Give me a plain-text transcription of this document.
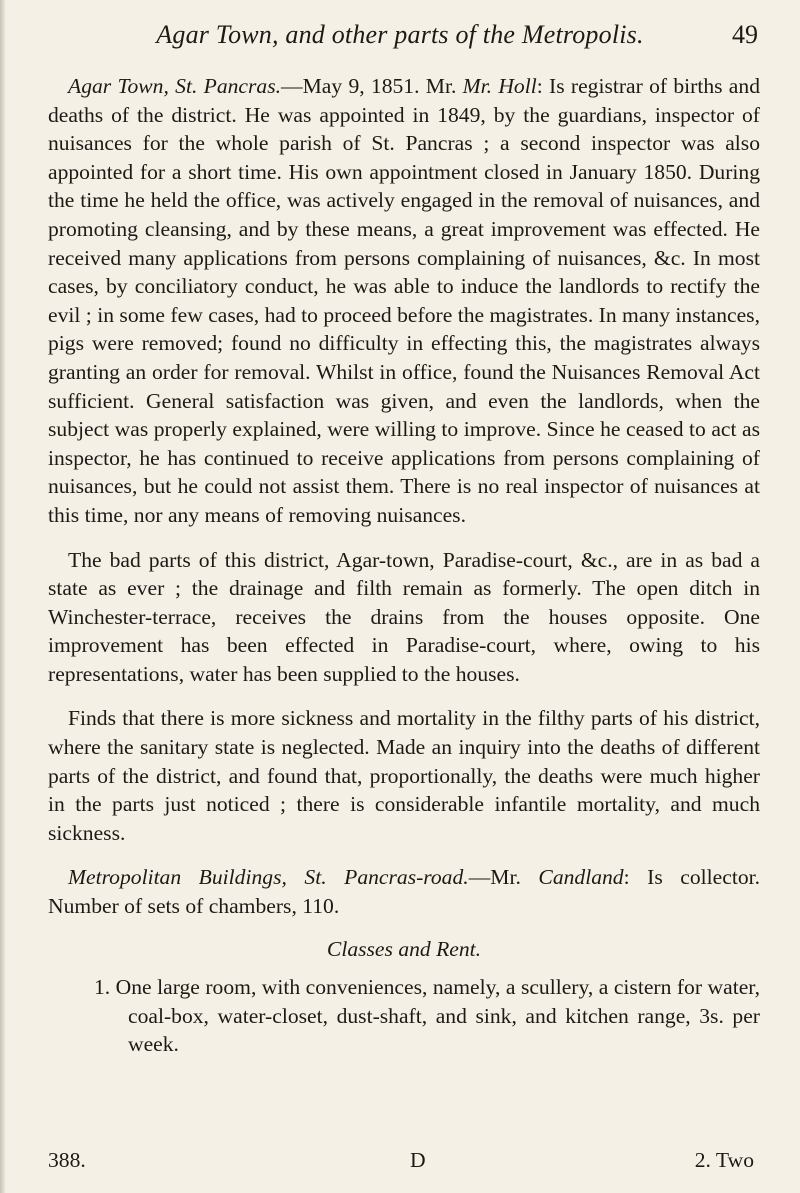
Agar Town, and other parts of the Metropolis.	49

Agar Town, St. Pancras.—May 9, 1851. Mr. Mr. Holl: Is registrar of births and deaths of the district. He was appointed in 1849, by the guardians, inspector of nuisances for the whole parish of St. Pancras ; a second inspector was also appointed for a short time. His own appointment closed in January 1850. During the time he held the office, was actively engaged in the removal of nuisances, and promoting cleansing, and by these means, a great improvement was effected. He received many applications from persons complaining of nuisances, &c. In most cases, by conciliatory conduct, he was able to induce the landlords to rectify the evil ; in some few cases, had to proceed before the magistrates. In many instances, pigs were removed; found no difficulty in effecting this, the magistrates always granting an order for removal. Whilst in office, found the Nuisances Removal Act sufficient. General satisfaction was given, and even the landlords, when the subject was properly explained, were willing to improve. Since he ceased to act as inspector, he has continued to receive applications from persons complaining of nuisances, but he could not assist them. There is no real inspector of nuisances at this time, nor any means of removing nuisances.

The bad parts of this district, Agar-town, Paradise-court, &c., are in as bad a state as ever ; the drainage and filth remain as formerly. The open ditch in Winchester-terrace, receives the drains from the houses opposite. One improvement has been effected in Paradise-court, where, owing to his representations, water has been supplied to the houses.

Finds that there is more sickness and mortality in the filthy parts of his district, where the sanitary state is neglected. Made an inquiry into the deaths of different parts of the district, and found that, proportionally, the deaths were much higher in the parts just noticed ; there is considerable infantile mortality, and much sickness.

Metropolitan Buildings, St. Pancras-road.—Mr. Candland: Is collector. Number of sets of chambers, 110.

Classes and Rent.

1. One large room, with conveniences, namely, a scullery, a cistern for water, coal-box, water-closet, dust-shaft, and sink, and kitchen range, 3s. per week.

388.	D	2. Two
